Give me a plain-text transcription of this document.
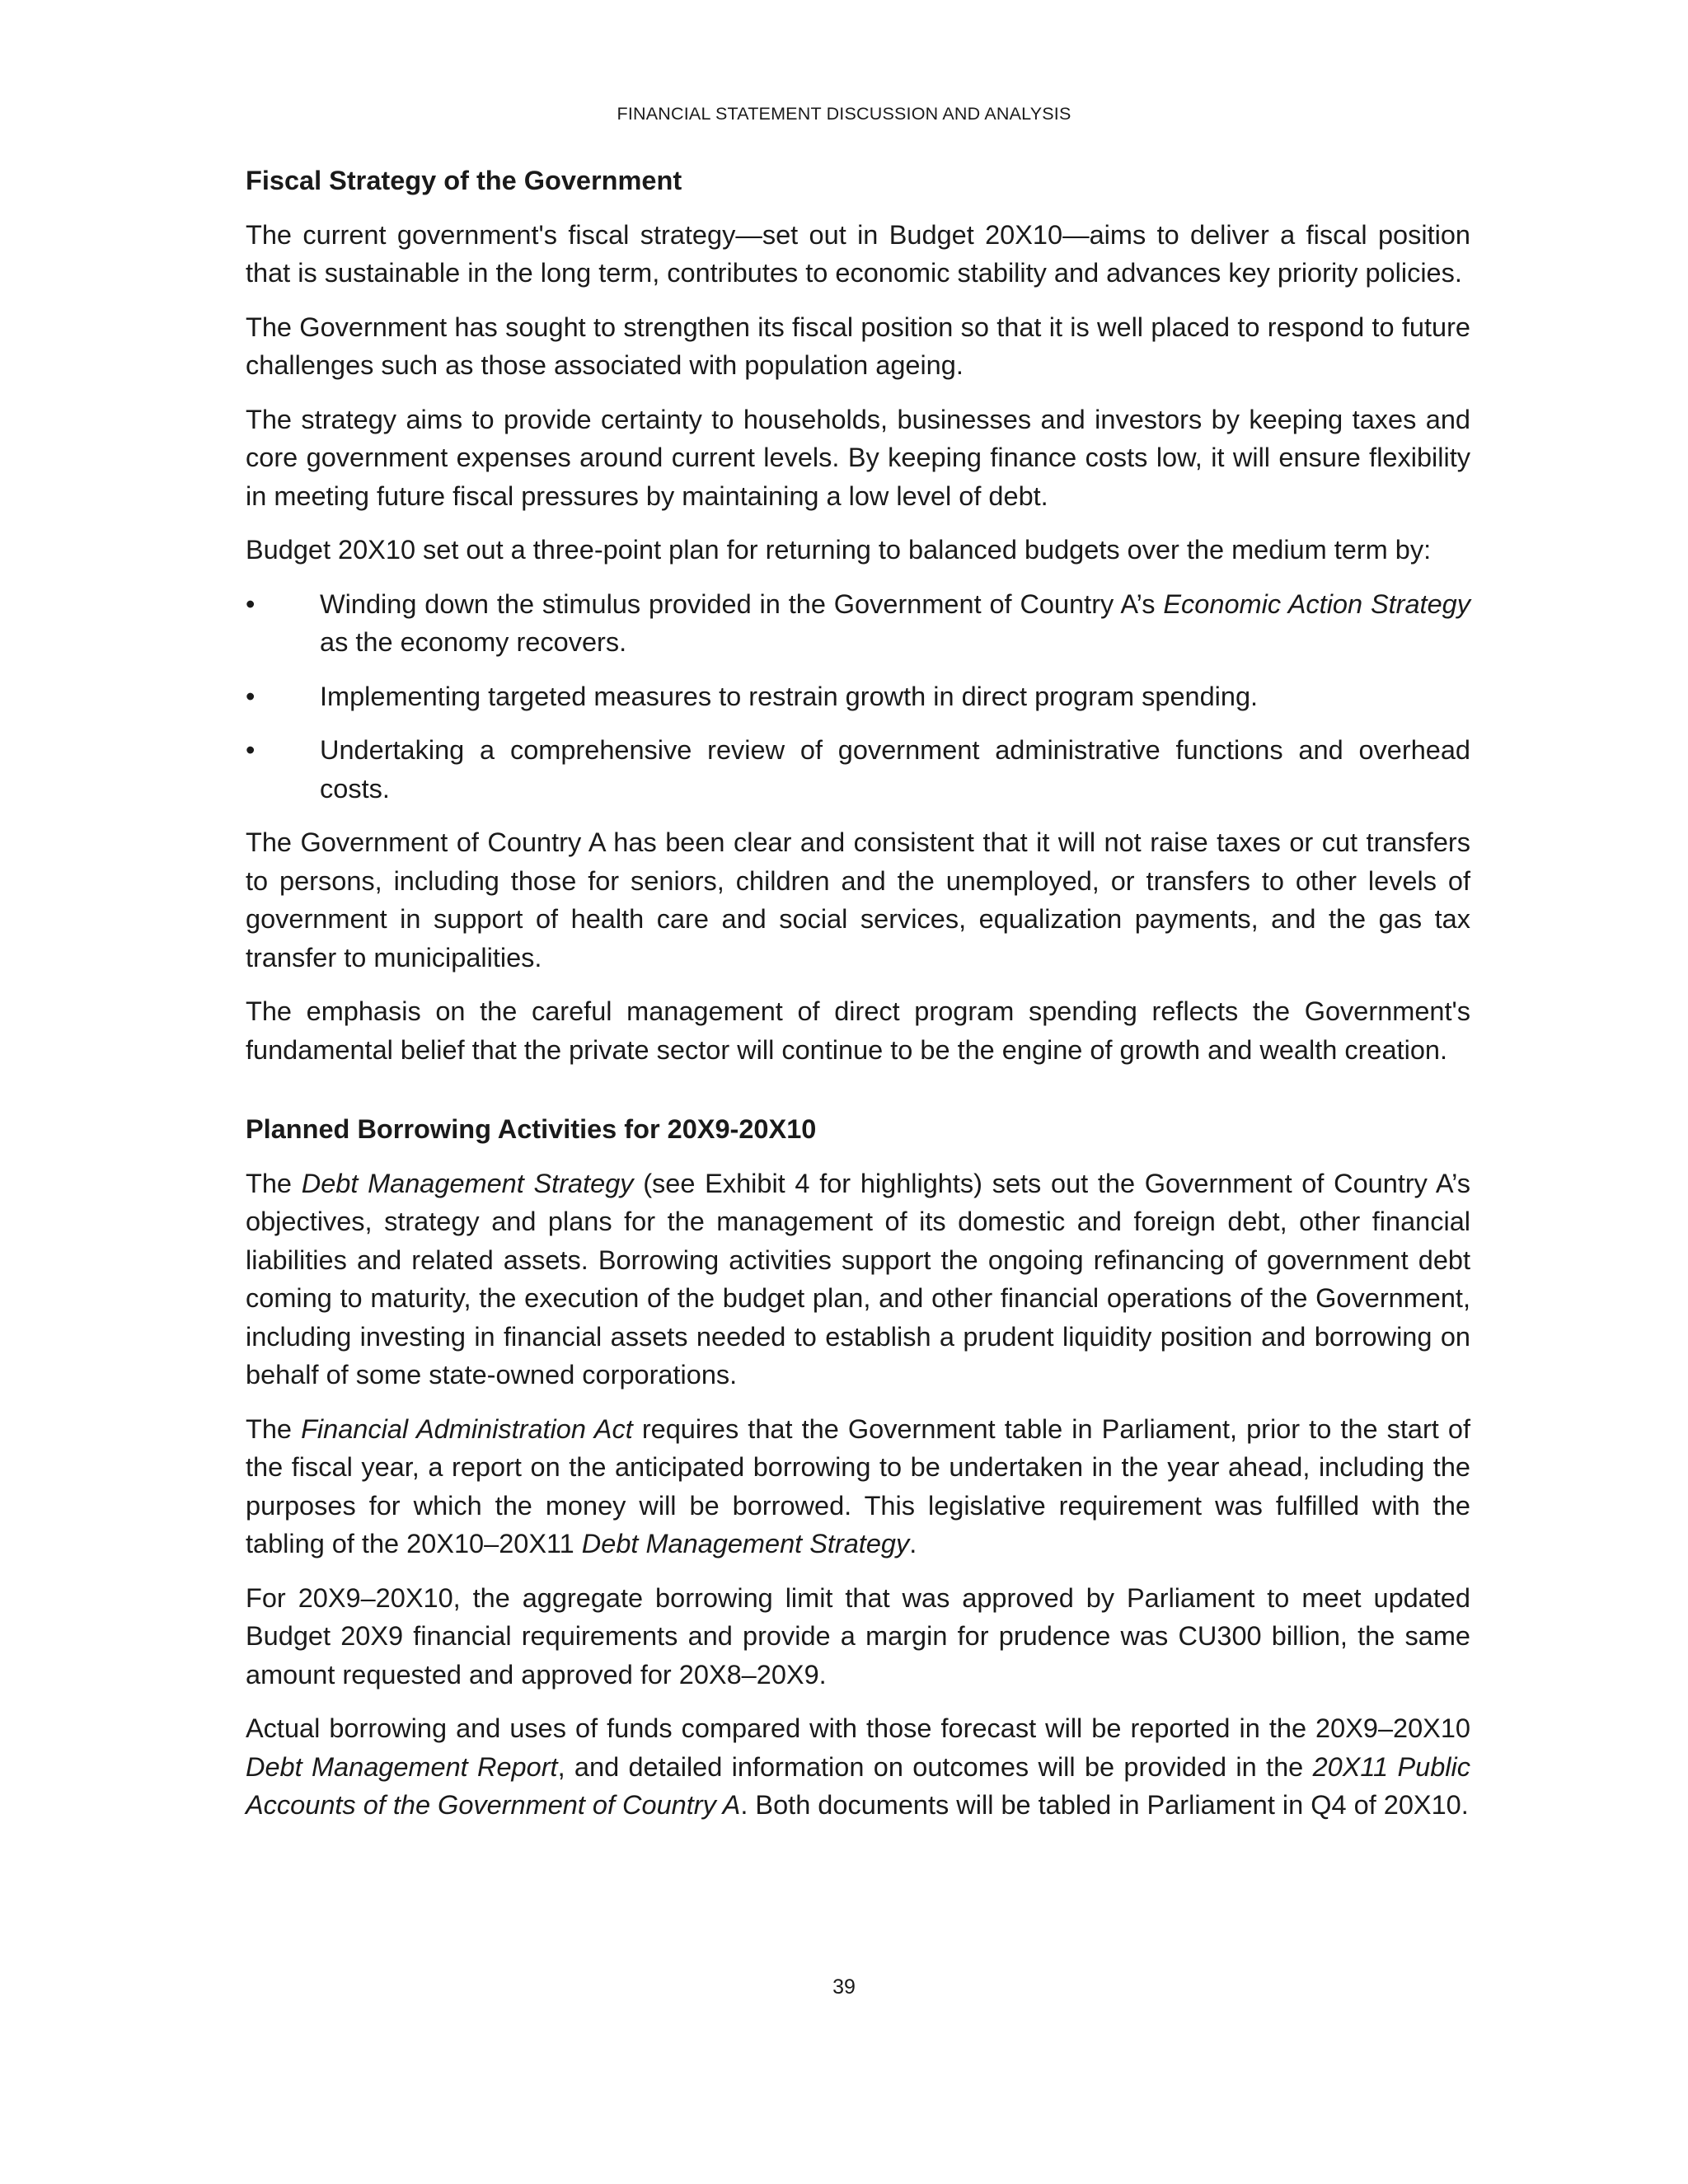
FINANCIAL STATEMENT DISCUSSION AND ANALYSIS
Fiscal Strategy of the Government

The current government's fiscal strategy—set out in Budget 20X10—aims to deliver a fiscal position that is sustainable in the long term, contributes to economic stability and advances key priority policies.

The Government has sought to strengthen its fiscal position so that it is well placed to respond to future challenges such as those associated with population ageing.

The strategy aims to provide certainty to households, businesses and investors by keeping taxes and core government expenses around current levels. By keeping finance costs low, it will ensure flexibility in meeting future fiscal pressures by maintaining a low level of debt.

Budget 20X10 set out a three-point plan for returning to balanced budgets over the medium term by:

• Winding down the stimulus provided in the Government of Country A’s Economic Action Strategy as the economy recovers.
• Implementing targeted measures to restrain growth in direct program spending.
• Undertaking a comprehensive review of government administrative functions and overhead costs.

The Government of Country A has been clear and consistent that it will not raise taxes or cut transfers to persons, including those for seniors, children and the unemployed, or transfers to other levels of government in support of health care and social services, equalization payments, and the gas tax transfer to municipalities.

The emphasis on the careful management of direct program spending reflects the Government's fundamental belief that the private sector will continue to be the engine of growth and wealth creation.

Planned Borrowing Activities for 20X9-20X10

The Debt Management Strategy (see Exhibit 4 for highlights) sets out the Government of Country A’s objectives, strategy and plans for the management of its domestic and foreign debt, other financial liabilities and related assets. Borrowing activities support the ongoing refinancing of government debt coming to maturity, the execution of the budget plan, and other financial operations of the Government, including investing in financial assets needed to establish a prudent liquidity position and borrowing on behalf of some state-owned corporations.

The Financial Administration Act requires that the Government table in Parliament, prior to the start of the fiscal year, a report on the anticipated borrowing to be undertaken in the year ahead, including the purposes for which the money will be borrowed. This legislative requirement was fulfilled with the tabling of the 20X10–20X11 Debt Management Strategy.

For 20X9–20X10, the aggregate borrowing limit that was approved by Parliament to meet updated Budget 20X9 financial requirements and provide a margin for prudence was CU300 billion, the same amount requested and approved for 20X8–20X9.

Actual borrowing and uses of funds compared with those forecast will be reported in the 20X9–20X10 Debt Management Report, and detailed information on outcomes will be provided in the 20X11 Public Accounts of the Government of Country A. Both documents will be tabled in Parliament in Q4 of 20X10.

39
